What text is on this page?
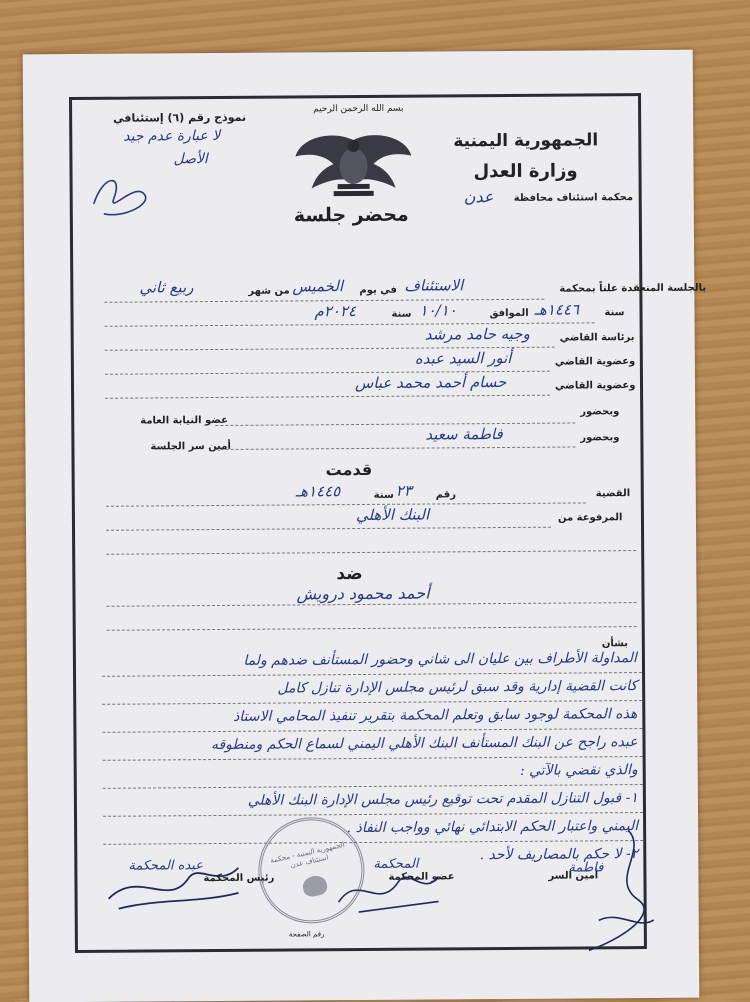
نموذج رقم (٦) إستئنافي
بسم الله الرحمن الرحيم
الجمهورية اليمنية
وزارة العدل
محكمة استئناف محافظة
عدن
محضر جلسة
لا عبارة عدم جيد
الأصل
بالجلسة المنعقدة علناً بمحكمة
الاستئناف
في يوم
الخميس
من شهر
ربيع ثاني
سنة
١٤٤٦هـ
الموافق
١٠/١٠
سنة
٢٠٢٤م
برئاسة القاضي
وجيه حامد مرشد
وعضوية القاضي
أنور السيد عبده
وعضوية القاضي
حسام أحمد محمد عباس
وبحضور
عضو النيابة العامة
وبحضور
فاطمة سعيد
أمين سر الجلسة
قدمت
القضية
رقم
٢٣
سنة
١٤٤٥هـ
المرفوعة من
البنك الأهلي
ضد
أحمد محمود درويش
بشأن
المداولة الأطراف بين عليان الى شاني وحضور المستأنف ضدهم ولما
كانت القضية إدارية وقد سبق لرئيس مجلس الإدارة تنازل كامل
هذه المحكمة لوجود سابق وتعلم المحكمة بتقرير تنفيذ المحامي الاستاذ
عبده راجح عن البنك المستأنف البنك الأهلي اليمني لسماع الحكم ومنطوقه
والذي نقضي بالآتي :
١- قبول التنازل المقدم تحت توقيع رئيس مجلس الإدارة البنك الأهلي
اليمني واعتبار الحكم الابتدائي نهائي وواجب النفاذ .
٢- لا حكم بالمصاريف لأحد .
أمين السر
عضو المحكمة
رئيس المحكمة
فاطمة
المحكمة
عبده المحكمة
الجمهورية اليمنية - محكمة استئناف عدن
رقم الصفحة
